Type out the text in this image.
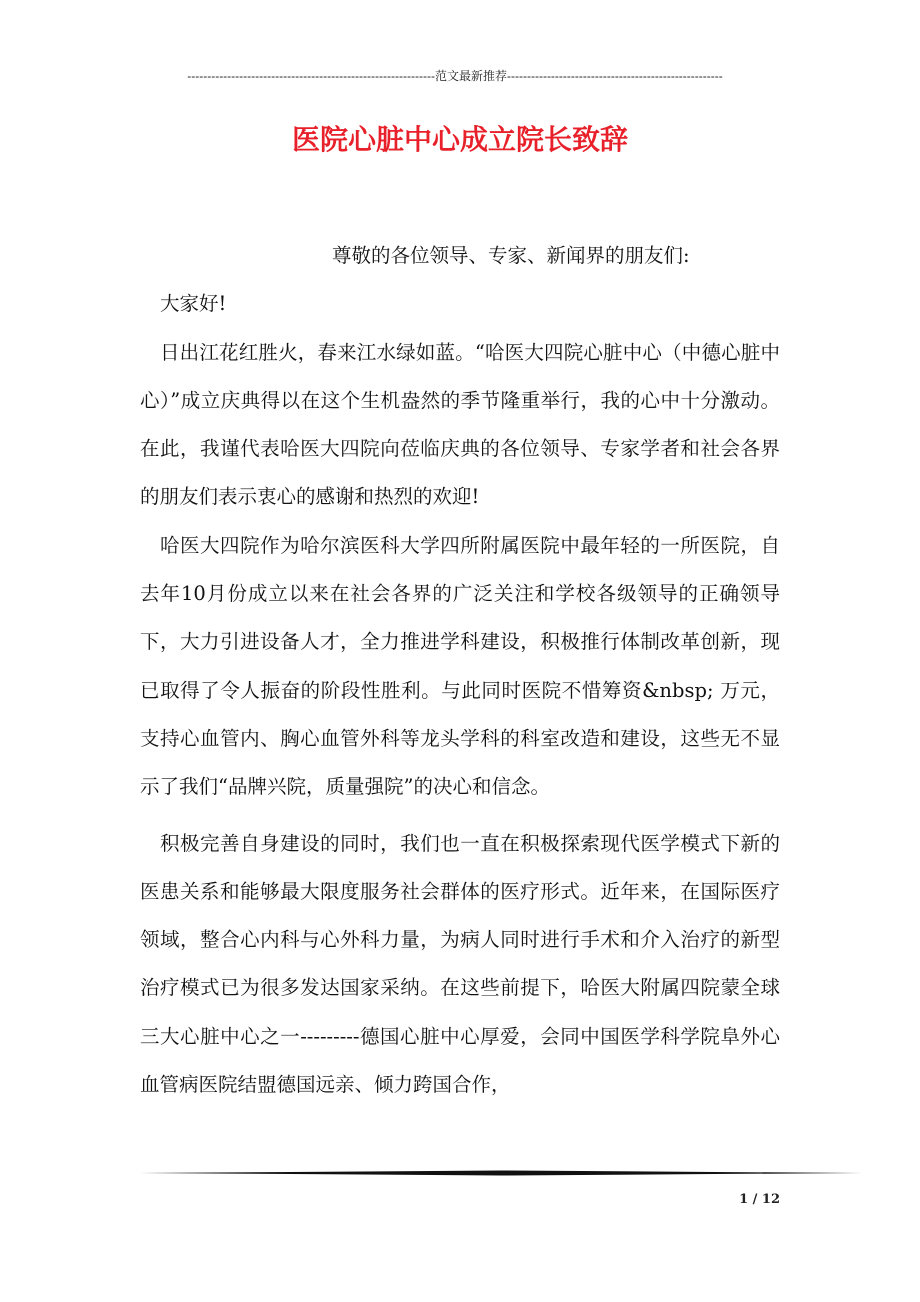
--------------------------------------------------------------范文最新推荐------------------------------------------------------
医院心脏中心成立院长致辞

尊敬的各位领导、专家、新闻界的朋友们:

大家好!

日出江花红胜火，春来江水绿如蓝。“哈医大四院心脏中心（中德心脏中心）”成立庆典得以在这个生机盎然的季节隆重举行，我的心中十分激动。在此，我谨代表哈医大四院向莅临庆典的各位领导、专家学者和社会各界的朋友们表示衷心的感谢和热烈的欢迎!

哈医大四院作为哈尔滨医科大学四所附属医院中最年轻的一所医院，自去年10月份成立以来在社会各界的广泛关注和学校各级领导的正确领导下，大力引进设备人才，全力推进学科建设，积极推行体制改革创新，现已取得了令人振奋的阶段性胜利。与此同时医院不惜筹资&nbsp; 万元，支持心血管内、胸心血管外科等龙头学科的科室改造和建设，这些无不显示了我们“品牌兴院，质量强院”的决心和信念。

积极完善自身建设的同时，我们也一直在积极探索现代医学模式下新的医患关系和能够最大限度服务社会群体的医疗形式。近年来，在国际医疗领域，整合心内科与心外科力量，为病人同时进行手术和介入治疗的新型治疗模式已为很多发达国家采纳。在这些前提下，哈医大附属四院蒙全球三大心脏中心之一---------德国心脏中心厚爱，会同中国医学科学院阜外心血管病医院结盟德国远亲、倾力跨国合作，

1 / 12
